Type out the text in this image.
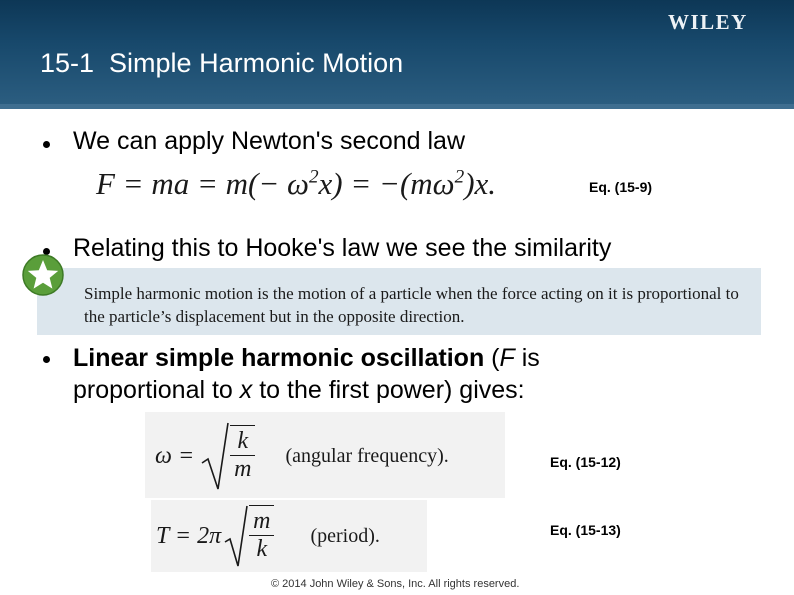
WILEY
15-1  Simple Harmonic Motion
We can apply Newton's second law
F = ma = $m(- \omega^2x) = -(m\omega^2)x$.	Eq. (15-9)
Relating this to Hooke's law we see the similarity
Simple harmonic motion is the motion of a particle when the force acting on it is proportional to the particle’s displacement but in the opposite direction.
Linear simple harmonic oscillation (F is
proportional to x to the first power) gives:
$\omega = \frac{k}{m}$ (angular frequency).	Eq. (15-12)
$T = 2\pi \frac{m}{k}$ (period).	Eq. (15-13)
© 2014 John Wiley & Sons, Inc. All rights reserved.
